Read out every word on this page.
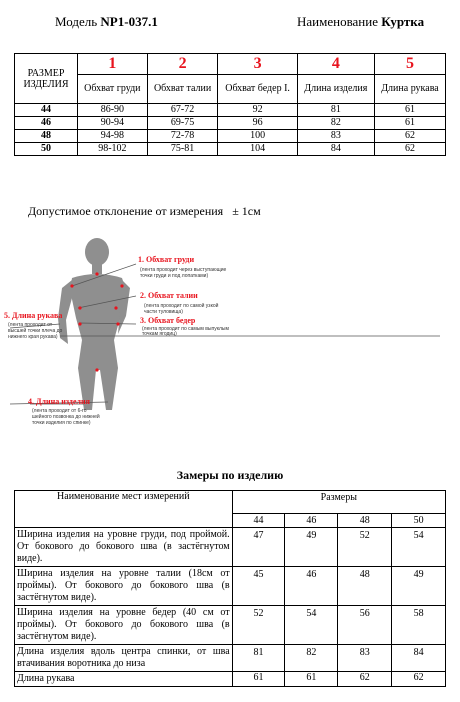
Модель NP1-037.1	Наименование Куртка
РАЗМЕР ИЗДЕЛИЯ	1	2	3	4	5
	Обхват груди	Обхват талии	Обхват бедер I.	Длина изделия	Длина рукава
44	86-90	67-72	92	81	61
46	90-94	69-75	96	82	61
48	94-98	72-78	100	83	62
50	98-102	75-81	104	84	62
Допустимое отклонение от измерения   ± 1см
1. Обхват груди
(лента проходит через выступающие
точки груди и под лопатками)
2. Обхват талии
(лента проходит по самой узкой
части туловища)
3. Обхват бедер
(лента проходит по самым выпуклым
точкам ягодиц)
5. Длина рукава
(лента проходит от
высшей точки плеча до
нижнего края рукава)
4. Длина изделия
(лента проходит от 6-го
шейного позвонка до нижней
точки изделия по спинке)
Замеры по изделию
Наименование мест измерений	Размеры			
	44	46	48	50
Ширина изделия на уровне груди, под проймой. От бокового до бокового шва (в застёгнутом виде).	47	49	52	54
Ширина изделия на уровне талии (18см от проймы). От бокового до бокового шва (в застёгнутом виде).	45	46	48	49
Ширина изделия на уровне бедер (40 см от проймы). От бокового до бокового шва (в застёгнутом виде).	52	54	56	58
Длина изделия вдоль центра спинки, от шва втачивания воротника до низа	81	82	83	84
Длина рукава	61	61	62	62
